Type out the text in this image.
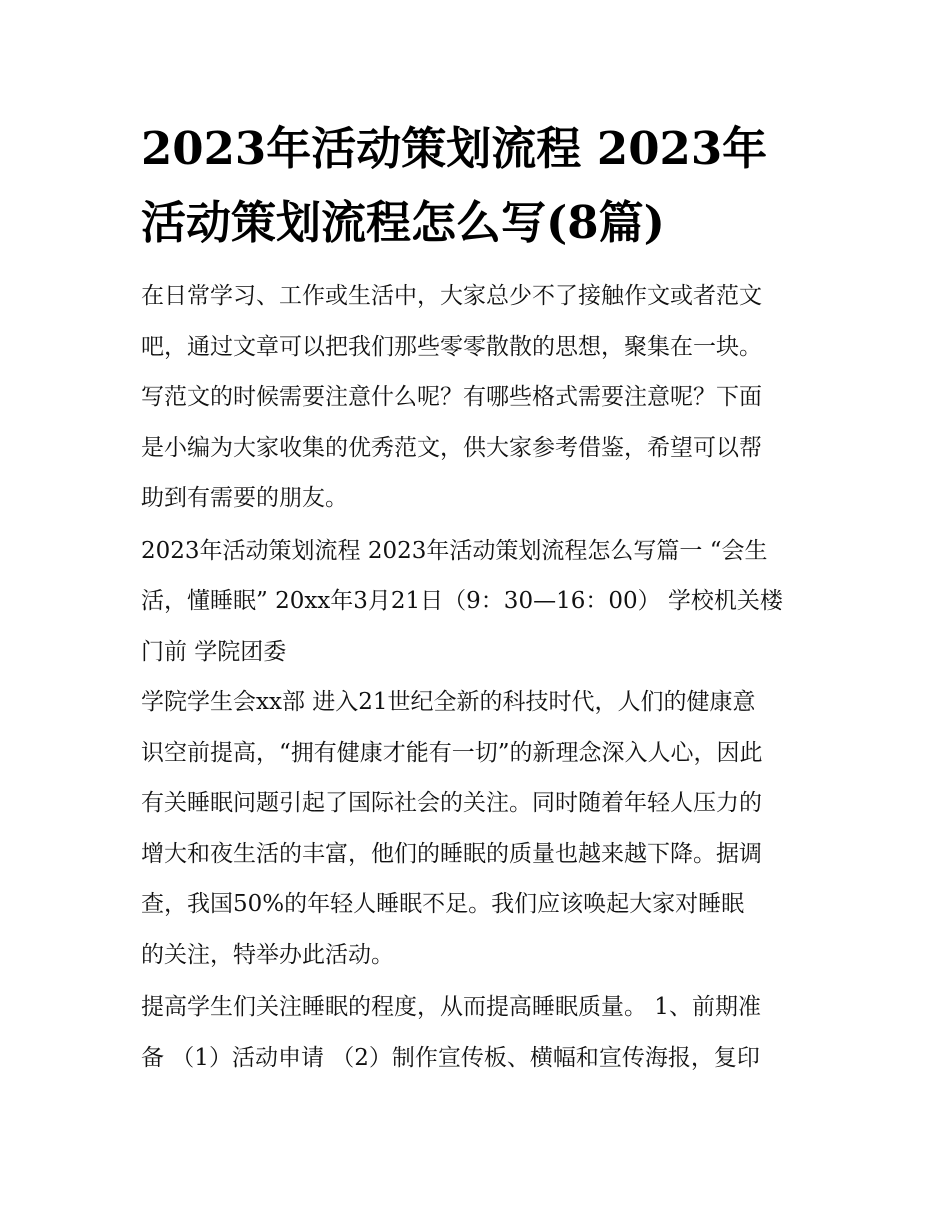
2023年活动策划流程 2023年
活动策划流程怎么写(8篇)

在日常学习、工作或生活中，大家总少不了接触作文或者范文
吧，通过文章可以把我们那些零零散散的思想，聚集在一块。
写范文的时候需要注意什么呢？有哪些格式需要注意呢？下面
是小编为大家收集的优秀范文，供大家参考借鉴，希望可以帮
助到有需要的朋友。

2023年活动策划流程 2023年活动策划流程怎么写篇一 “会生
活，懂睡眠” 20xx年3月21日（9：30—16：00） 学校机关楼
门前 学院团委

学院学生会xx部 进入21世纪全新的科技时代，人们的健康意
识空前提高，“拥有健康才能有一切”的新理念深入人心，因此
有关睡眠问题引起了国际社会的关注。同时随着年轻人压力的
增大和夜生活的丰富，他们的睡眠的质量也越来越下降。据调
查，我国50%的年轻人睡眠不足。我们应该唤起大家对睡眠
的关注，特举办此活动。

提高学生们关注睡眠的程度，从而提高睡眠质量。 1、前期准
备 （1）活动申请 （2）制作宣传板、横幅和宣传海报，复印
